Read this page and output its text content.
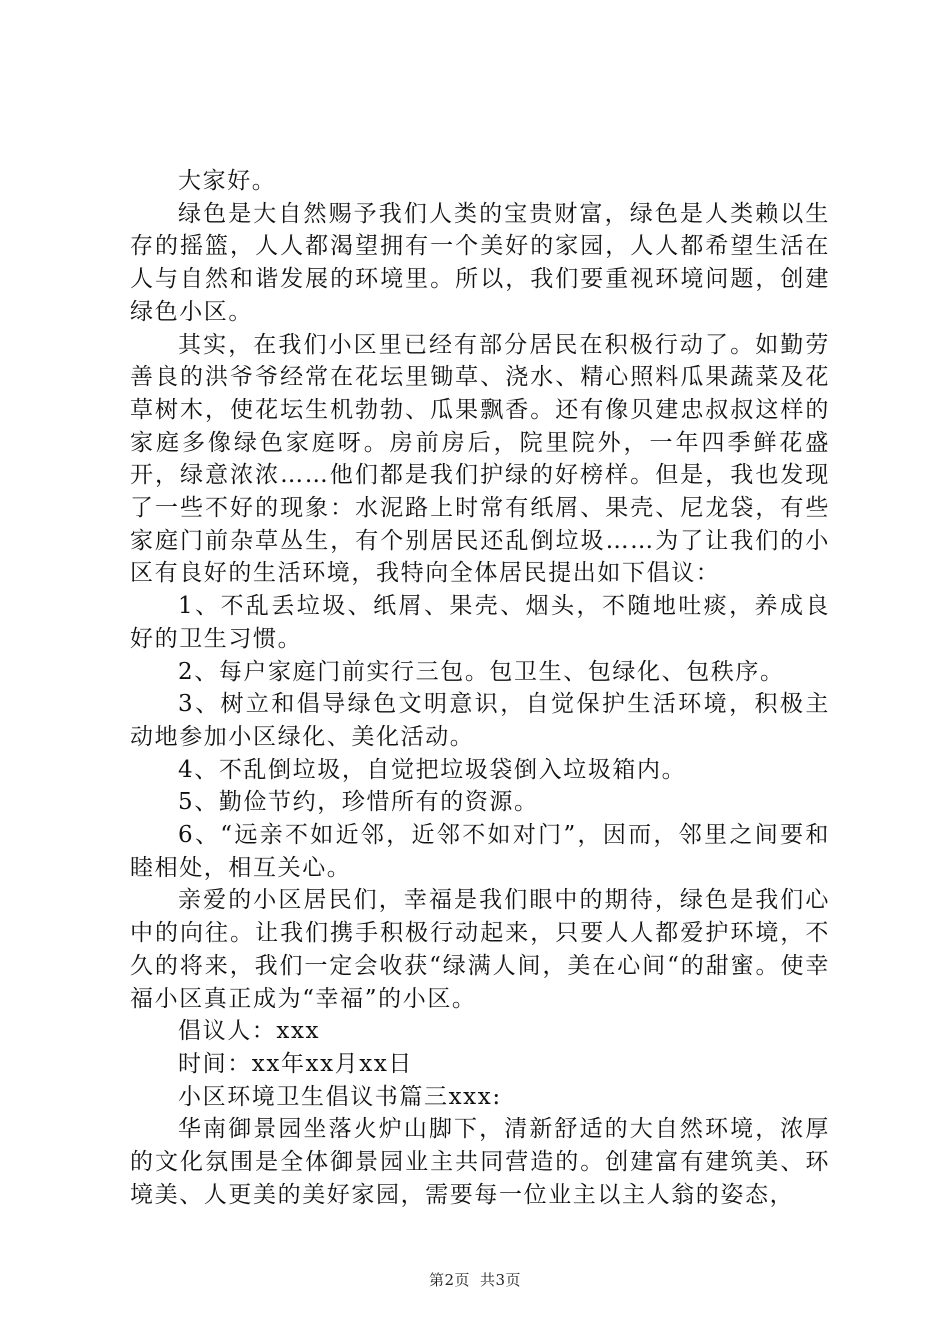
大家好。

绿色是大自然赐予我们人类的宝贵财富，绿色是人类赖以生存的摇篮，人人都渴望拥有一个美好的家园，人人都希望生活在人与自然和谐发展的环境里。所以，我们要重视环境问题，创建绿色小区。

其实，在我们小区里已经有部分居民在积极行动了。如勤劳善良的洪爷爷经常在花坛里锄草、浇水、精心照料瓜果蔬菜及花草树木，使花坛生机勃勃、瓜果飘香。还有像贝建忠叔叔这样的家庭多像绿色家庭呀。房前房后，院里院外，一年四季鲜花盛开，绿意浓浓……他们都是我们护绿的好榜样。但是，我也发现了一些不好的现象：水泥路上时常有纸屑、果壳、尼龙袋，有些家庭门前杂草丛生，有个别居民还乱倒垃圾……为了让我们的小区有良好的生活环境，我特向全体居民提出如下倡议：

1、不乱丢垃圾、纸屑、果壳、烟头，不随地吐痰，养成良好的卫生习惯。

2、每户家庭门前实行三包。包卫生、包绿化、包秩序。

3、树立和倡导绿色文明意识，自觉保护生活环境，积极主动地参加小区绿化、美化活动。

4、不乱倒垃圾，自觉把垃圾袋倒入垃圾箱内。

5、勤俭节约，珍惜所有的资源。

6、“远亲不如近邻，近邻不如对门”，因而，邻里之间要和睦相处，相互关心。

亲爱的小区居民们，幸福是我们眼中的期待，绿色是我们心中的向往。让我们携手积极行动起来，只要人人都爱护环境，不久的将来，我们一定会收获“绿满人间，美在心间“的甜蜜。使幸福小区真正成为“幸福”的小区。

倡议人：xxx

时间：xx年xx月xx日

小区环境卫生倡议书篇三xxx:

华南御景园坐落火炉山脚下，清新舒适的大自然环境，浓厚的文化氛围是全体御景园业主共同营造的。创建富有建筑美、环境美、人更美的美好家园，需要每一位业主以主人翁的姿态，

第2页 共3页
